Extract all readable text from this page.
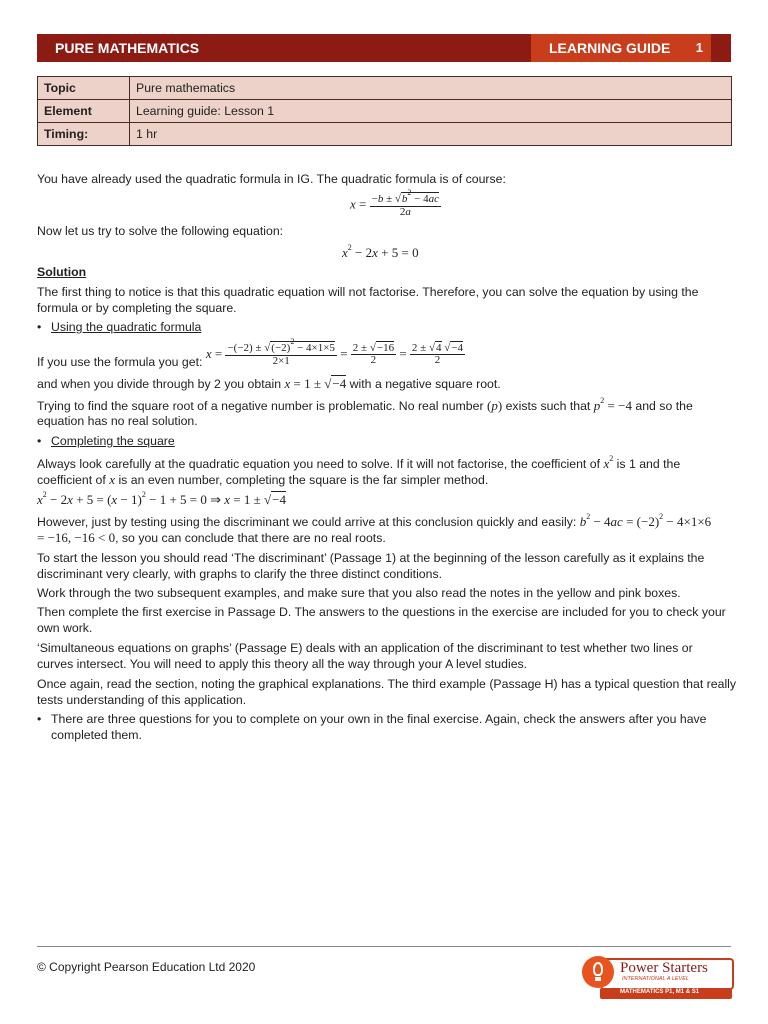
PURE MATHEMATICS	LEARNING GUIDE 1
Topic	Pure mathematics
Element	Learning guide: Lesson 1
Timing:	1 hr
You have already used the quadratic formula in IG. The quadratic formula is of course:
$x = \frac{-b \pm √b^2 - 4ac}{2a}$
Now let us try to solve the following equation:
$x^2 - 2x + 5 = 0$
Solution
The first thing to notice is that this quadratic equation will not factorise. Therefore, you can solve the equation by using the
formula or by completing the square.
• Using the quadratic formula
If you use the formula you get: $x = \frac{-(-2) \pm √(-2)^2 - 4\times 1\times 5}{2\times 1} = \frac{2 \pm √-16}{2} = \frac{2 \pm √4 √-4}{2}$
and when you divide through by 2 you obtain x = 1 ± √−4 with a negative square root.
Trying to find the square root of a negative number is problematic. No real number (p) exists such that $p^2 = -4$ and so the
equation has no real solution.
• Completing the square
Always look carefully at the quadratic equation you need to solve. If it will not factorise, the coefficient of $x^2$ is 1 and the
coefficient of x is an even number, completing the square is the far simpler method.
$x^2 - 2x + 5 = (x - 1)^2 - 1 + 5 = 0$ ⇒ x = 1 ± √−4
However, just by testing using the discriminant we could arrive at this conclusion quickly and easily: $b^2 - 4ac = (-2)^2 - 4\times 1\times 6$
= −16, −16 < 0, so you can conclude that there are no real roots.
To start the lesson you should read ‘The discriminant’ (Passage 1) at the beginning of the lesson carefully as it explains the
discriminant very clearly, with graphs to clarify the three distinct conditions.
Work through the two subsequent examples, and make sure that you also read the notes in the yellow and pink boxes.
Then complete the first exercise in Passage D. The answers to the questions in the exercise are included for you to check your
own work.
‘Simultaneous equations on graphs’ (Passage E) deals with an application of the discriminant to test whether two lines or
curves intersect. You will need to apply this theory all the way through your A level studies.
Once again, read the section, noting the graphical explanations. The third example (Passage H) has a typical question that really
tests understanding of this application.
• There are three questions for you to complete on your own in the final exercise. Again, check the answers after you have
completed them.
© Copyright Pearson Education Ltd 2020	Power Starters
INTERNATIONAL A LEVEL
MATHEMATICS P1, M1 & S1
